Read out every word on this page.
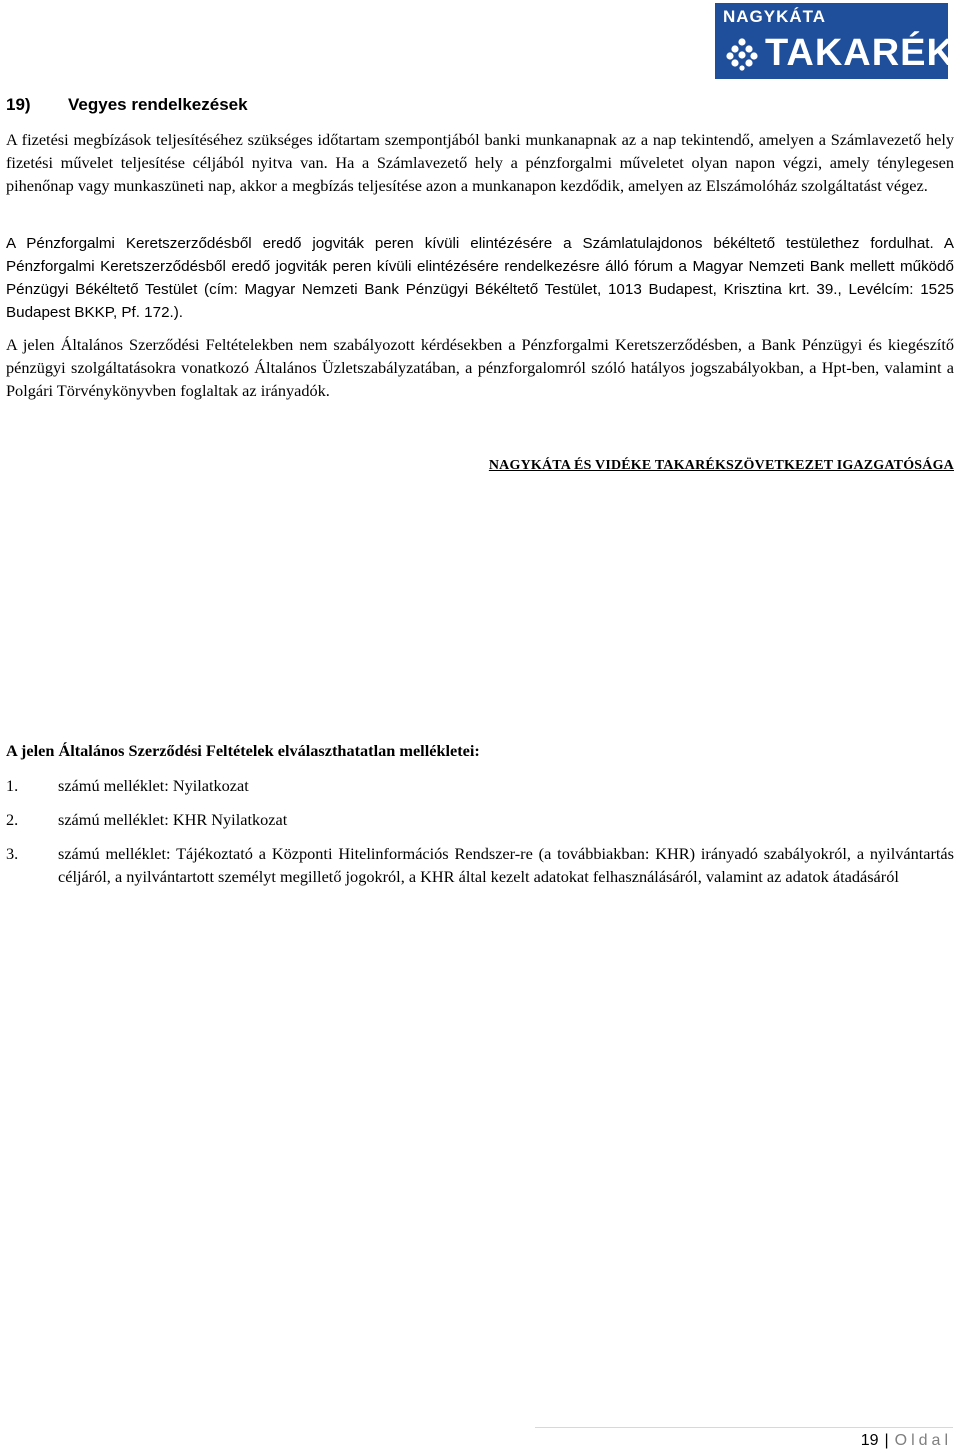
NAGYKÁTA
TAKARÉK
19) Vegyes rendelkezések

A fizetési megbízások teljesítéséhez szükséges időtartam szempontjából banki munkanapnak az a nap tekintendő, amelyen a Számlavezető hely fizetési művelet teljesítése céljából nyitva van. Ha a Számlavezető hely a pénzforgalmi műveletet olyan napon végzi, amely ténylegesen pihenőnap vagy munkaszüneti nap, akkor a megbízás teljesítése azon a munkanapon kezdődik, amelyen az Elszámolóház szolgáltatást végez.

A Pénzforgalmi Keretszerződésből eredő jogviták peren kívüli elintézésére a Számlatulajdonos békéltető testülethez fordulhat. A Pénzforgalmi Keretszerződésből eredő jogviták peren kívüli elintézésére rendelkezésre álló fórum a Magyar Nemzeti Bank mellett működő Pénzügyi Békéltető Testület (cím: Magyar Nemzeti Bank Pénzügyi Békéltető Testület, 1013 Budapest, Krisztina krt. 39., Levélcím: 1525 Budapest BKKP, Pf. 172.).

A jelen Általános Szerződési Feltételekben nem szabályozott kérdésekben a Pénzforgalmi Keretszerződésben, a Bank Pénzügyi és kiegészítő pénzügyi szolgáltatásokra vonatkozó Általános Üzletszabályzatában, a pénzforgalomról szóló hatályos jogszabályokban, a Hpt-ben, valamint a Polgári Törvénykönyvben foglaltak az irányadók.

NAGYKÁTA ÉS VIDÉKE TAKARÉKSZÖVETKEZET IGAZGATÓSÁGA
A jelen Általános Szerződési Feltételek elválaszthatatlan mellékletei:
1.	számú melléklet: Nyilatkozat
2.	számú melléklet: KHR Nyilatkozat
3.	számú melléklet: Tájékoztató a Központi Hitelinformációs Rendszer-re (a továbbiakban: KHR) irányadó szabályokról, a nyilvántartás céljáról, a nyilvántartott személyt megillető jogokról, a KHR által kezelt adatokat felhasználásáról, valamint az adatok átadásáról
19 | Oldal
